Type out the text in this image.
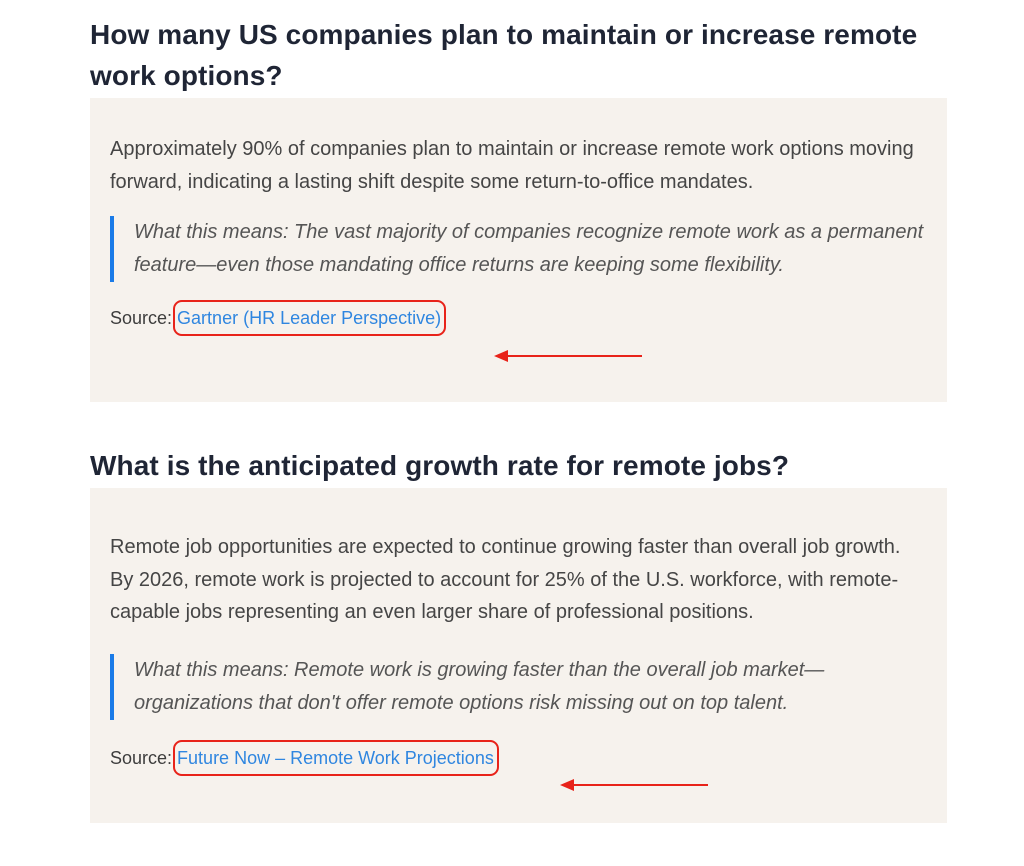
How many US companies plan to maintain or increase remote work options?

Approximately 90% of companies plan to maintain or increase remote work options moving forward, indicating a lasting shift despite some return-to-office mandates.

What this means: The vast majority of companies recognize remote work as a permanent feature—even those mandating office returns are keeping some flexibility.
Source: Gartner (HR Leader Perspective)
What is the anticipated growth rate for remote jobs?

Remote job opportunities are expected to continue growing faster than overall job growth. By 2026, remote work is projected to account for 25% of the U.S. workforce, with remote-capable jobs representing an even larger share of professional positions.

What this means: Remote work is growing faster than the overall job market—organizations that don't offer remote options risk missing out on top talent.
Source: Future Now – Remote Work Projections
